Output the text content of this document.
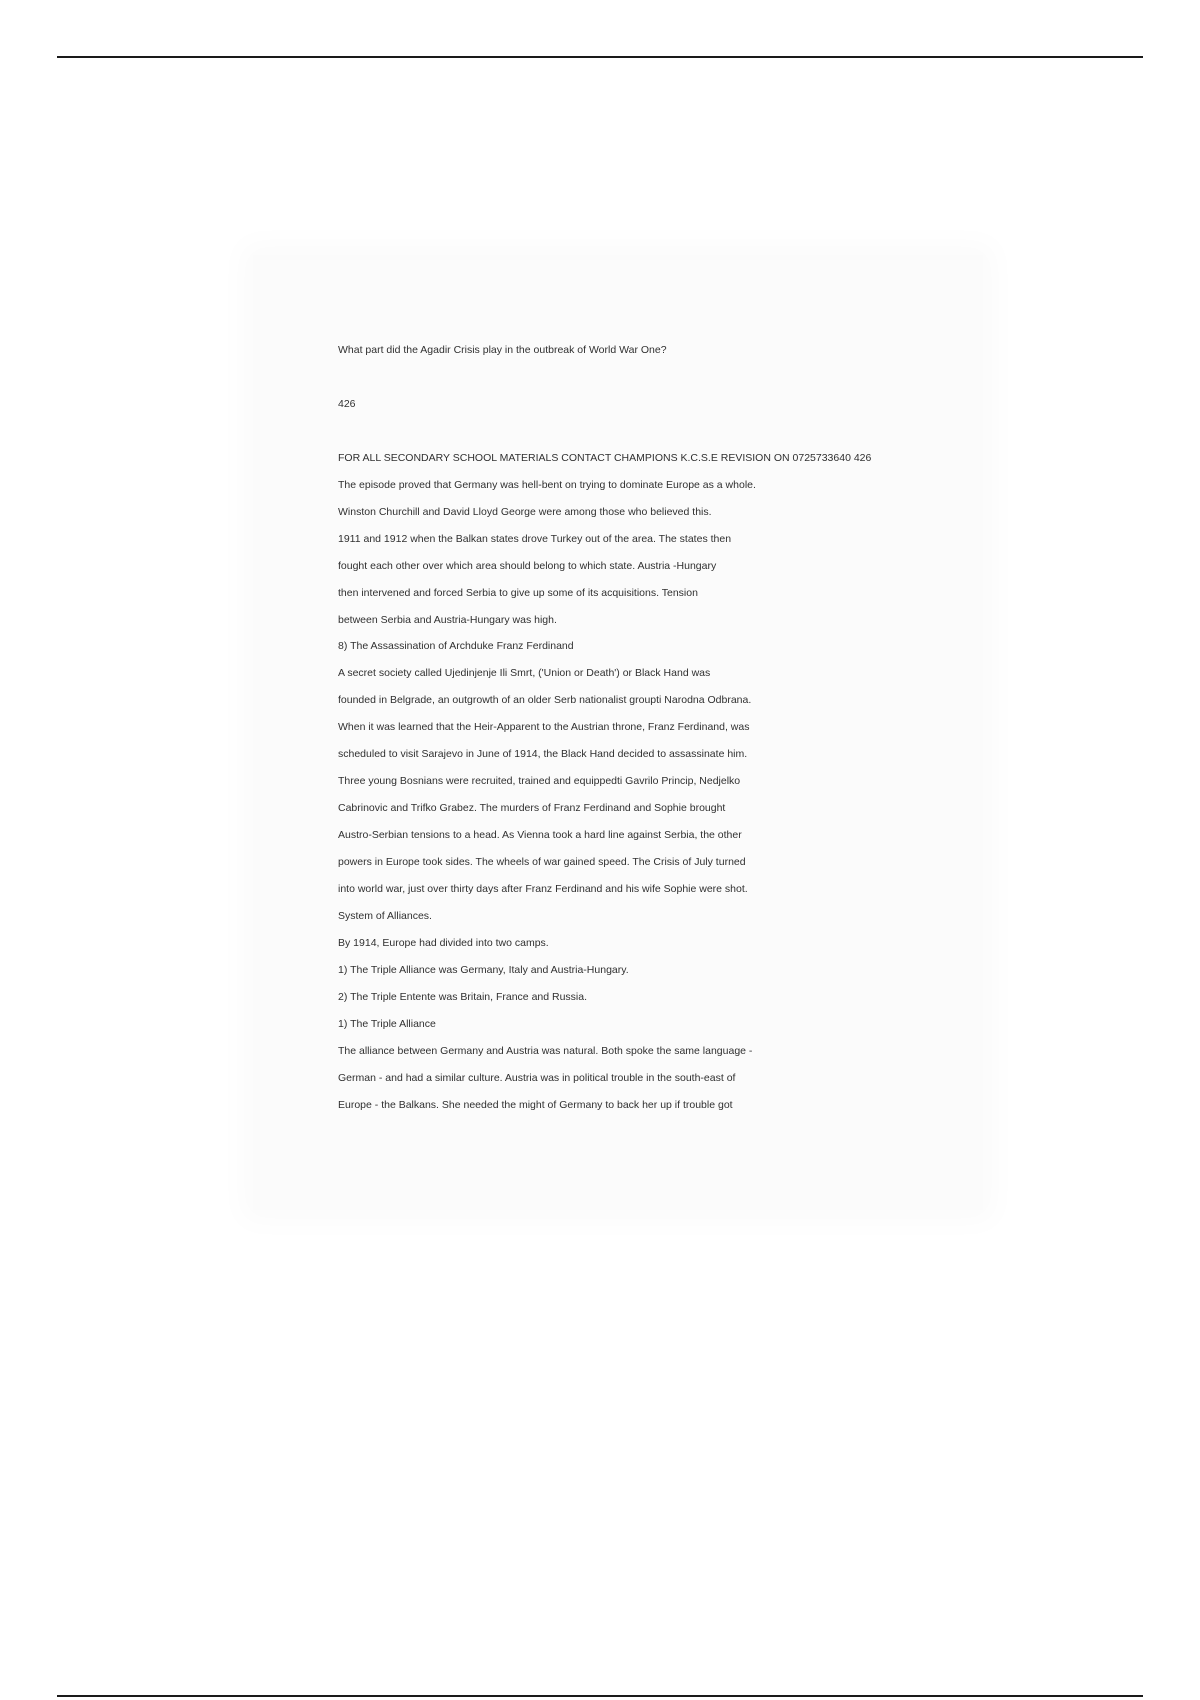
What part did the Agadir Crisis play in the outbreak of World War One?
426
FOR ALL SECONDARY SCHOOL MATERIALS CONTACT CHAMPIONS K.C.S.E REVISION ON 0725733640 426
The episode proved that Germany was hell-bent on trying to dominate Europe as a whole.
Winston Churchill and David Lloyd George were among those who believed this.
1911 and 1912 when the Balkan states drove Turkey out of the area. The states then
fought each other over which area should belong to which state. Austria -Hungary
then intervened and forced Serbia to give up some of its acquisitions. Tension
between Serbia and Austria-Hungary was high.
8) The Assassination of Archduke Franz Ferdinand
A secret society called Ujedinjenje Ili Smrt, ('Union or Death') or Black Hand was
founded in Belgrade, an outgrowth of an older Serb nationalist groupti Narodna Odbrana.
When it was learned that the Heir-Apparent to the Austrian throne, Franz Ferdinand, was
scheduled to visit Sarajevo in June of 1914, the Black Hand decided to assassinate him.
Three young Bosnians were recruited, trained and equippedti Gavrilo Princip, Nedjelko
Cabrinovic and Trifko Grabez. The murders of Franz Ferdinand and Sophie brought
Austro-Serbian tensions to a head. As Vienna took a hard line against Serbia, the other
powers in Europe took sides. The wheels of war gained speed. The Crisis of July turned
into world war, just over thirty days after Franz Ferdinand and his wife Sophie were shot.
System of Alliances.
By 1914, Europe had divided into two camps.
1) The Triple Alliance was Germany, Italy and Austria-Hungary.
2) The Triple Entente was Britain, France and Russia.
1) The Triple Alliance
The alliance between Germany and Austria was natural. Both spoke the same language -
German - and had a similar culture. Austria was in political trouble in the south-east of
Europe - the Balkans. She needed the might of Germany to back her up if trouble got
